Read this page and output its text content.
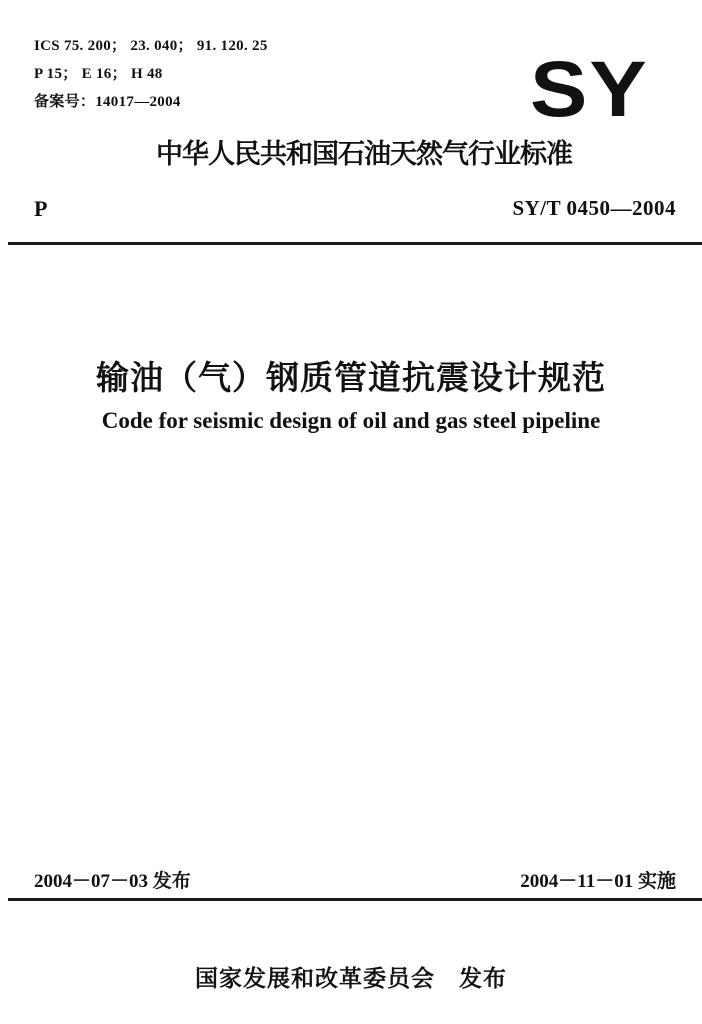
ICS 75. 200； 23. 040； 91. 120. 25
P 15； E 16； H 48
备案号：14017—2004	SY
中华人民共和国石油天然气行业标准
P	SY/T 0450—2004
输油（气）钢质管道抗震设计规范
Code for seismic design of oil and gas steel pipeline
2004－07－03 发布	2004－11－01 实施
国家发展和改革委员会　发布
